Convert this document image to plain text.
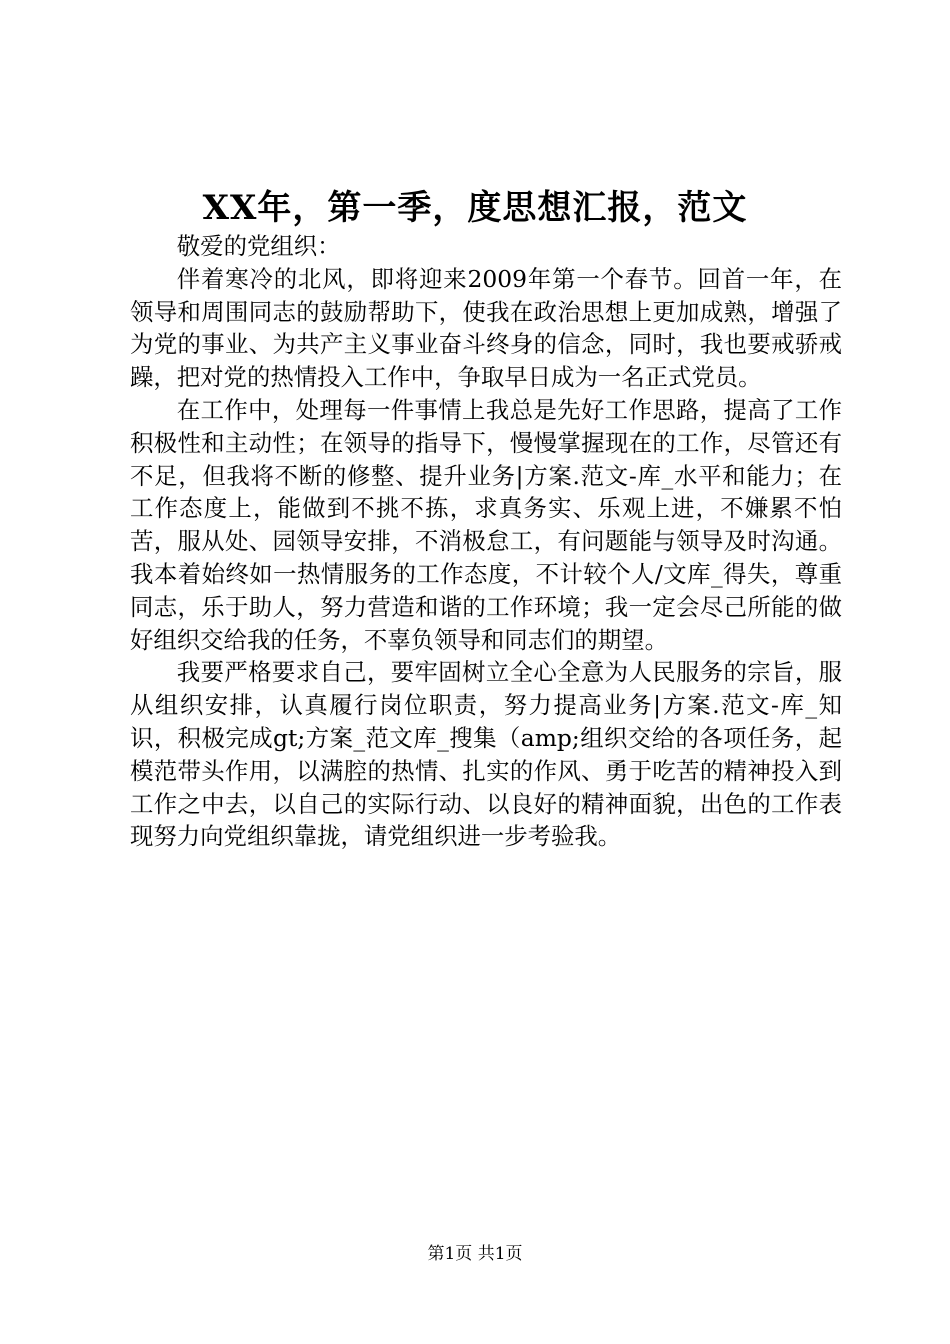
XX年，第一季，度思想汇报，范文

敬爱的党组织：

伴着寒冷的北风，即将迎来2009年第一个春节。回首一年，在领导和周围同志的鼓励帮助下，使我在政治思想上更加成熟，增强了为党的事业、为共产主义事业奋斗终身的信念，同时，我也要戒骄戒躁，把对党的热情投入工作中，争取早日成为一名正式党员。

在工作中，处理每一件事情上我总是先好工作思路，提高了工作积极性和主动性；在领导的指导下，慢慢掌握现在的工作，尽管还有不足，但我将不断的修整、提升业务|方案.范文-库_水平和能力；在工作态度上，能做到不挑不拣，求真务实、乐观上进，不嫌累不怕苦，服从处、园领导安排，不消极怠工，有问题能与领导及时沟通。我本着始终如一热情服务的工作态度，不计较个人/文库_得失，尊重同志，乐于助人，努力营造和谐的工作环境；我一定会尽己所能的做好组织交给我的任务，不辜负领导和同志们的期望。

我要严格要求自己，要牢固树立全心全意为人民服务的宗旨，服从组织安排，认真履行岗位职责，努力提高业务|方案.范文-库_知识，积极完成gt;方案_范文库_搜集（amp;组织交给的各项任务，起模范带头作用，以满腔的热情、扎实的作风、勇于吃苦的精神投入到工作之中去，以自己的实际行动、以良好的精神面貌，出色的工作表现努力向党组织靠拢，请党组织进一步考验我。

第1页 共1页
